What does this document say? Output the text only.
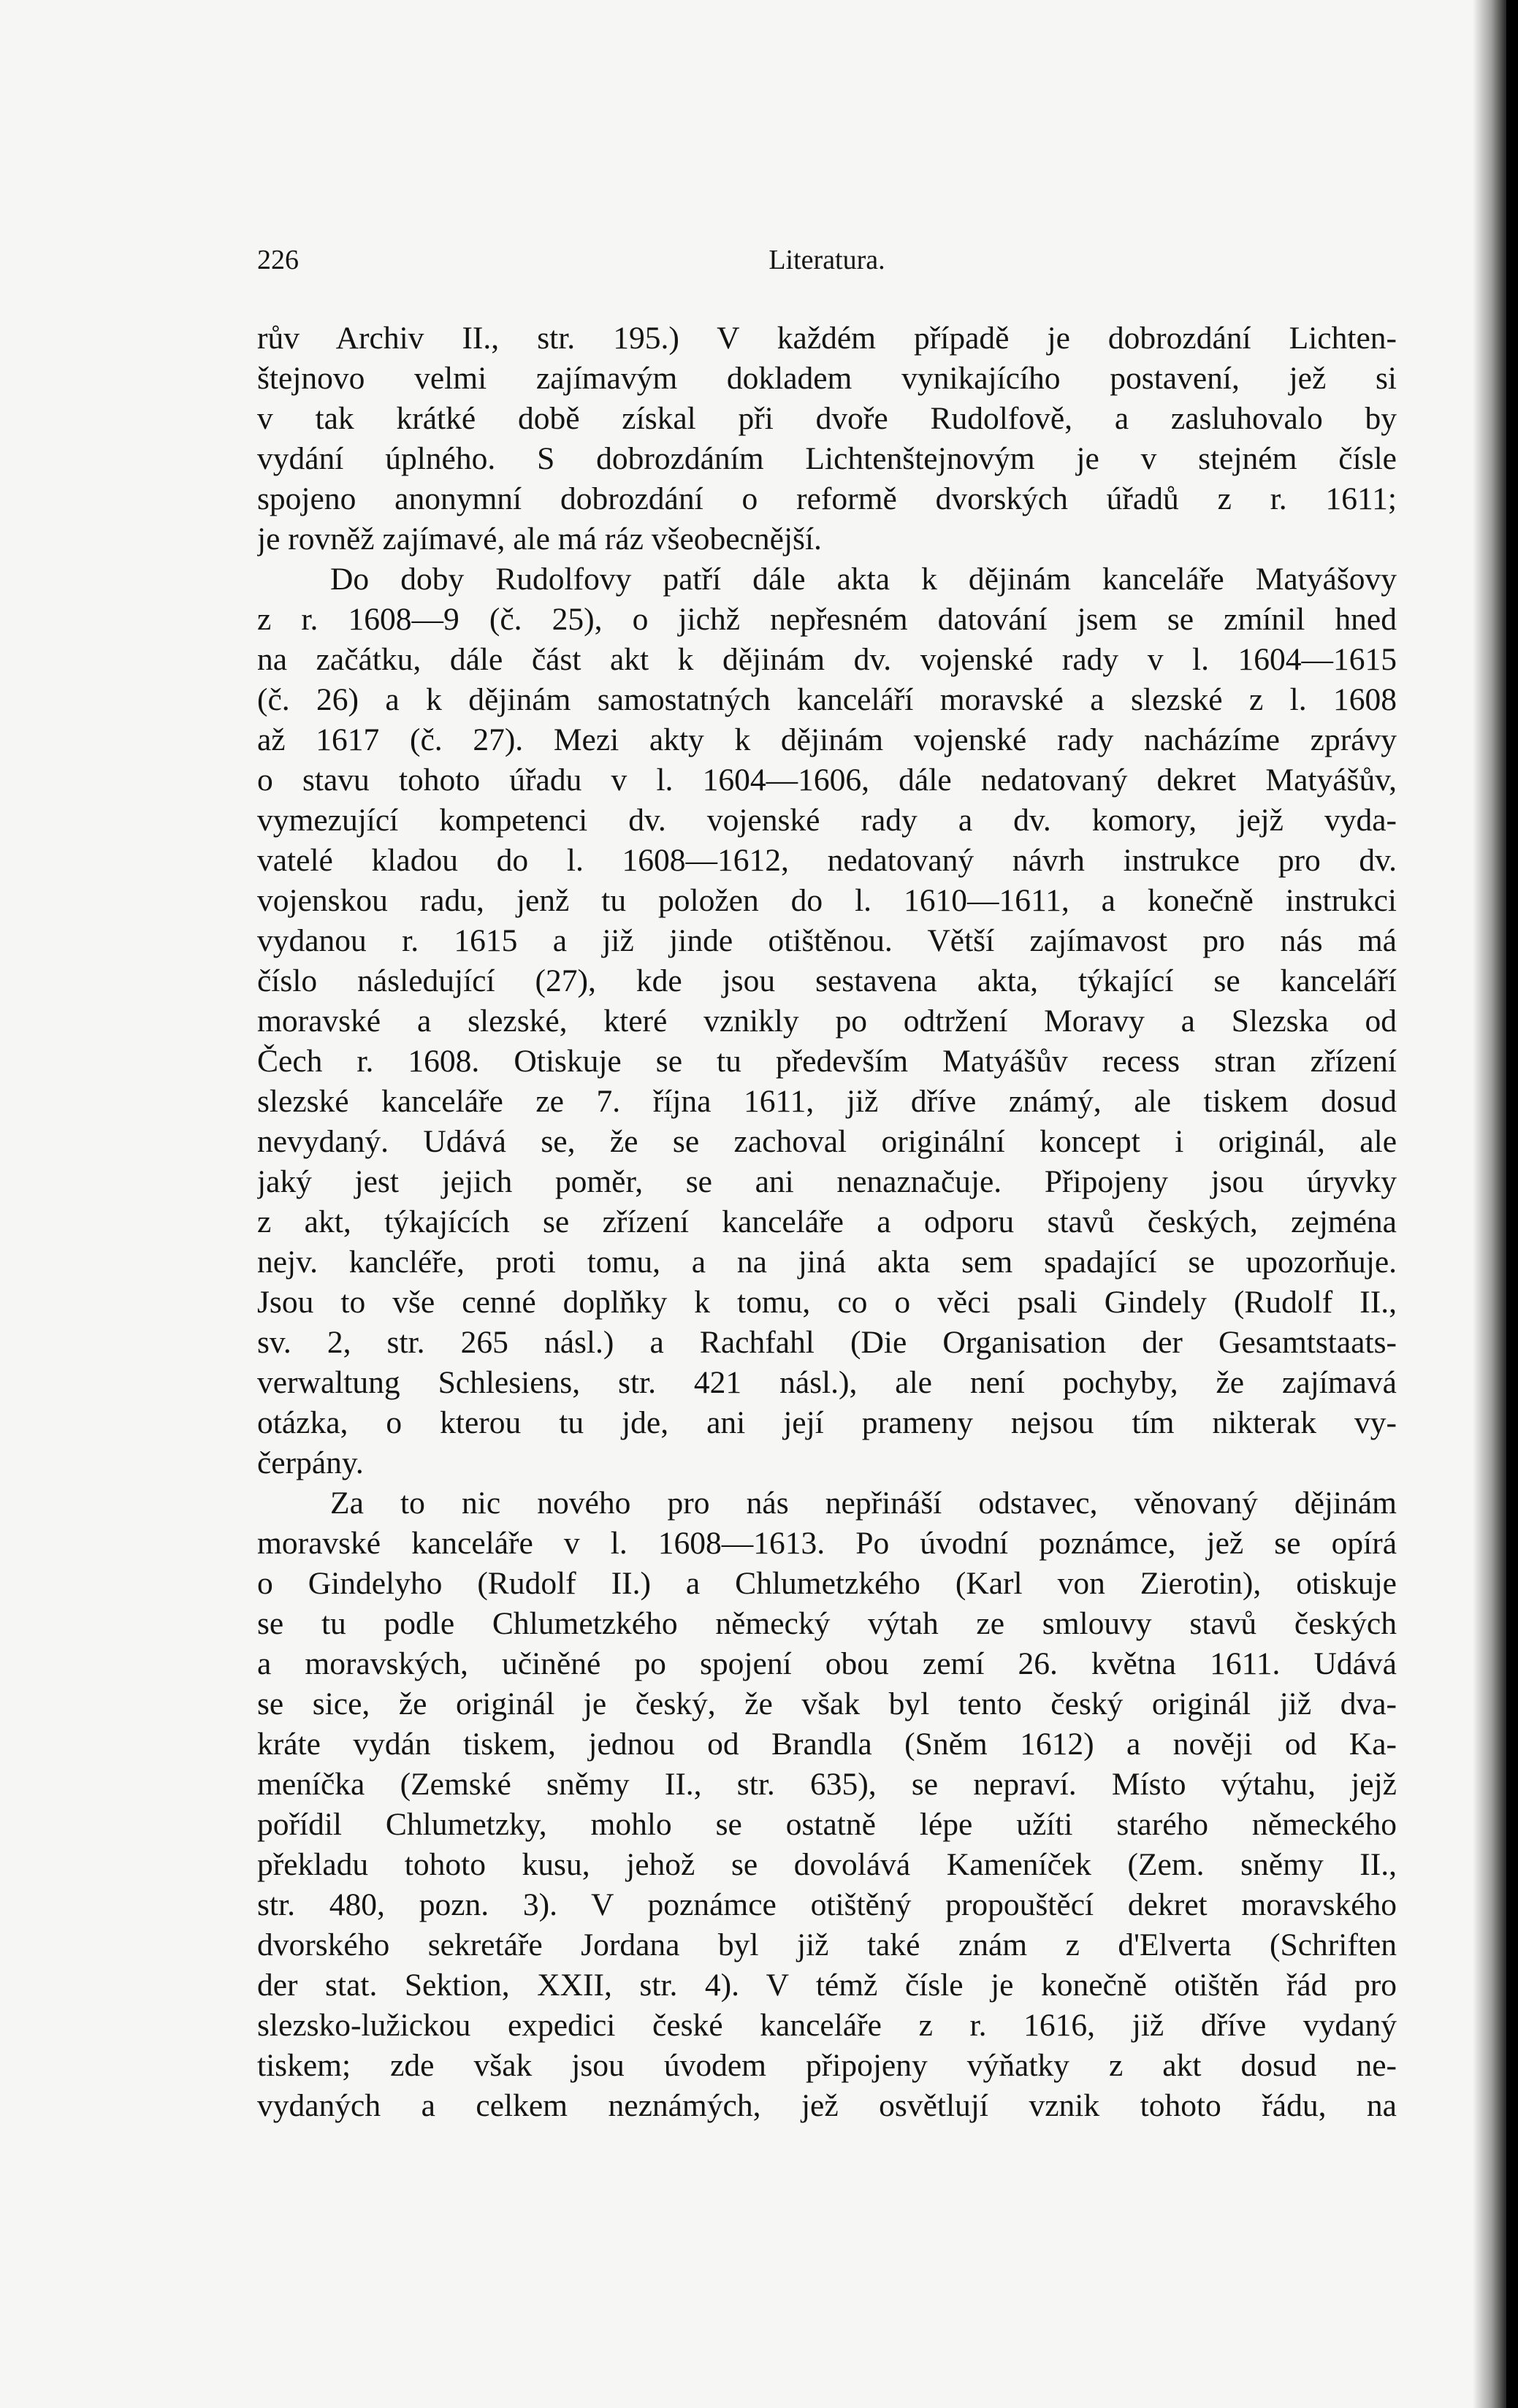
226	Literatura.
rův Archiv II., str. 195.) V každém případě je dobrozdání Lichten-
štejnovo velmi zajímavým dokladem vynikajícího postavení, jež si
v tak krátké době získal při dvoře Rudolfově, a zasluhovalo by
vydání úplného. S dobrozdáním Lichtenštejnovým je v stejném čísle
spojeno anonymní dobrozdání o reformě dvorských úřadů z r. 1611;
je rovněž zajímavé, ale má ráz všeobecnější.
Do doby Rudolfovy patří dále akta k dějinám kanceláře Matyášovy
z r. 1608—9 (č. 25), o jichž nepřesném datování jsem se zmínil hned
na začátku, dále část akt k dějinám dv. vojenské rady v l. 1604—1615
(č. 26) a k dějinám samostatných kanceláří moravské a slezské z l. 1608
až 1617 (č. 27). Mezi akty k dějinám vojenské rady nacházíme zprávy
o stavu tohoto úřadu v l. 1604—1606, dále nedatovaný dekret Matyášův,
vymezující kompetenci dv. vojenské rady a dv. komory, jejž vyda-
vatelé kladou do l. 1608—1612, nedatovaný návrh instrukce pro dv.
vojenskou radu, jenž tu položen do l. 1610—1611, a konečně instrukci
vydanou r. 1615 a již jinde otištěnou. Větší zajímavost pro nás má
číslo následující (27), kde jsou sestavena akta, týkající se kanceláří
moravské a slezské, které vznikly po odtržení Moravy a Slezska od
Čech r. 1608. Otiskuje se tu především Matyášův recess stran zřízení
slezské kanceláře ze 7. října 1611, již dříve známý, ale tiskem dosud
nevydaný. Udává se, že se zachoval originální koncept i originál, ale
jaký jest jejich poměr, se ani nenaznačuje. Připojeny jsou úryvky
z akt, týkajících se zřízení kanceláře a odporu stavů českých, zejména
nejv. kancléře, proti tomu, a na jiná akta sem spadající se upozorňuje.
Jsou to vše cenné doplňky k tomu, co o věci psali Gindely (Rudolf II.,
sv. 2, str. 265 násl.) a Rachfahl (Die Organisation der Gesamtstaats-
verwaltung Schlesiens, str. 421 násl.), ale není pochyby, že zajímavá
otázka, o kterou tu jde, ani její prameny nejsou tím nikterak vy-
čerpány.
Za to nic nového pro nás nepřináší odstavec, věnovaný dějinám
moravské kanceláře v l. 1608—1613. Po úvodní poznámce, jež se opírá
o Gindelyho (Rudolf II.) a Chlumetzkého (Karl von Zierotin), otiskuje
se tu podle Chlumetzkého německý výtah ze smlouvy stavů českých
a moravských, učiněné po spojení obou zemí 26. května 1611. Udává
se sice, že originál je český, že však byl tento český originál již dva-
kráte vydán tiskem, jednou od Brandla (Sněm 1612) a nověji od Ka-
meníčka (Zemské sněmy II., str. 635), se nepraví. Místo výtahu, jejž
pořídil Chlumetzky, mohlo se ostatně lépe užíti starého německého
překladu tohoto kusu, jehož se dovolává Kameníček (Zem. sněmy II.,
str. 480, pozn. 3). V poznámce otištěný propouštěcí dekret moravského
dvorského sekretáře Jordana byl již také znám z d'Elverta (Schriften
der stat. Sektion, XXII, str. 4). V témž čísle je konečně otištěn řád pro
slezsko-lužickou expedici české kanceláře z r. 1616, již dříve vydaný
tiskem; zde však jsou úvodem připojeny výňatky z akt dosud ne-
vydaných a celkem neznámých, jež osvětlují vznik tohoto řádu, na
